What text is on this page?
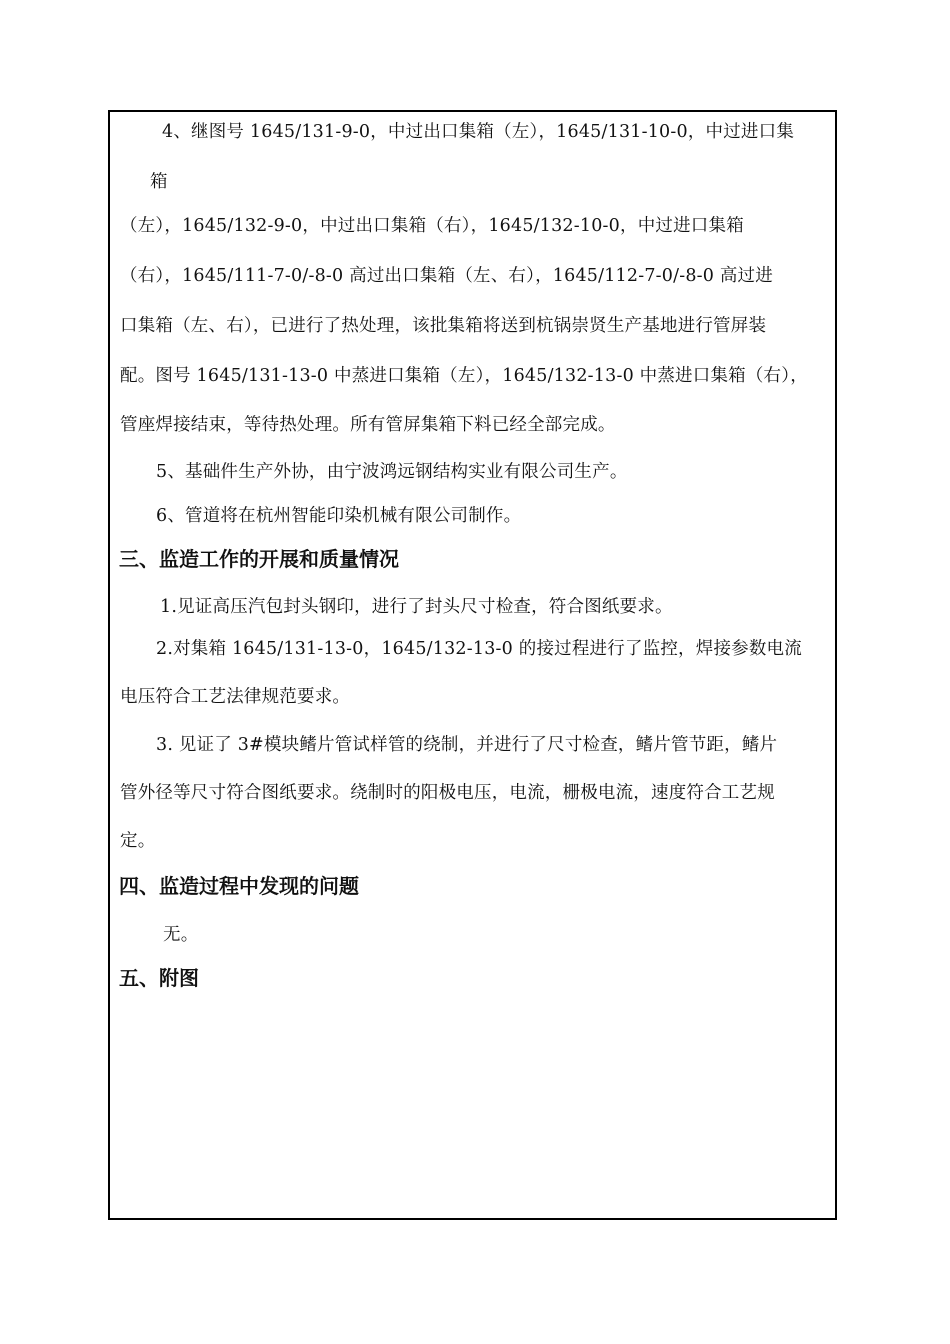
4、继图号 1645/131-9-0，中过出口集箱（左），1645/131-10-0，中过进口集
箱
（左），1645/132-9-0，中过出口集箱（右），1645/132-10-0，中过进口集箱
（右），1645/111-7-0/-8-0 高过出口集箱（左、右），1645/112-7-0/-8-0 高过进
口集箱（左、右），已进行了热处理，该批集箱将送到杭锅崇贤生产基地进行管屏装
配。图号 1645/131-13-0 中蒸进口集箱（左），1645/132-13-0 中蒸进口集箱（右），
管座焊接结束，等待热处理。所有管屏集箱下料已经全部完成。
5、基础件生产外协，由宁波鸿远钢结构实业有限公司生产。
6、管道将在杭州智能印染机械有限公司制作。
三、监造工作的开展和质量情况
1.见证高压汽包封头钢印，进行了封头尺寸检查，符合图纸要求。
2.对集箱 1645/131-13-0，1645/132-13-0 的接过程进行了监控，焊接参数电流
电压符合工艺法律规范要求。
3. 见证了 3#模块鳍片管试样管的绕制，并进行了尺寸检查，鳍片管节距，鳍片
管外径等尺寸符合图纸要求。绕制时的阳极电压，电流，栅极电流，速度符合工艺规
定。
四、监造过程中发现的问题
无。
五、附图
